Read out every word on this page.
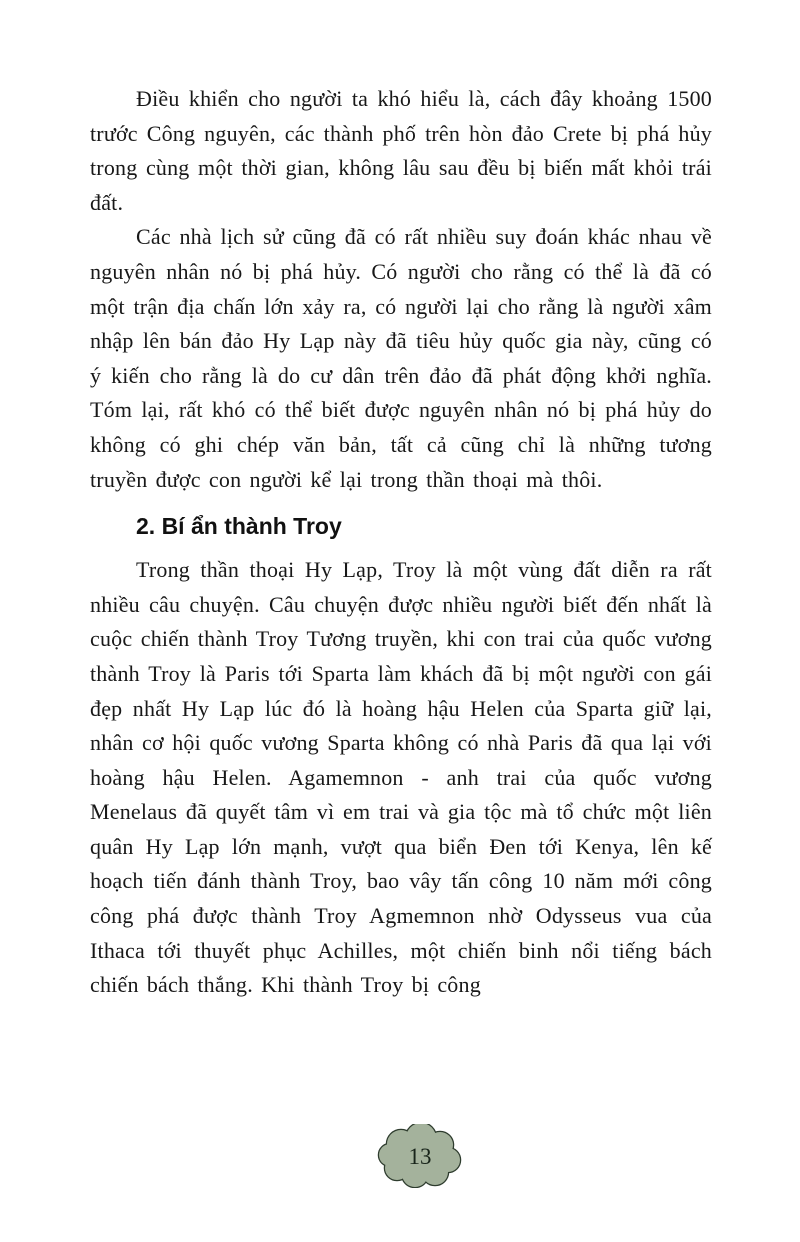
Điều khiển cho người ta khó hiểu là, cách đây khoảng 1500 trước Công nguyên, các thành phố trên hòn đảo Crete bị phá hủy trong cùng một thời gian, không lâu sau đều bị biến mất khỏi trái đất.

Các nhà lịch sử cũng đã có rất nhiều suy đoán khác nhau về nguyên nhân nó bị phá hủy. Có người cho rằng có thể là đã có một trận địa chấn lớn xảy ra, có người lại cho rằng là người xâm nhập lên bán đảo Hy Lạp này đã tiêu hủy quốc gia này, cũng có ý kiến cho rằng là do cư dân trên đảo đã phát động khởi nghĩa. Tóm lại, rất khó có thể biết được nguyên nhân nó bị phá hủy do không có ghi chép văn bản, tất cả cũng chỉ là những tương truyền được con người kể lại trong thần thoại mà thôi.

2. Bí ẩn thành Troy

Trong thần thoại Hy Lạp, Troy là một vùng đất diễn ra rất nhiều câu chuyện. Câu chuyện được nhiều người biết đến nhất là cuộc chiến thành Troy Tương truyền, khi con trai của quốc vương thành Troy là Paris tới Sparta làm khách đã bị một người con gái đẹp nhất Hy Lạp lúc đó là hoàng hậu Helen của Sparta giữ lại, nhân cơ hội quốc vương Sparta không có nhà Paris đã qua lại với hoàng hậu Helen. Agamemnon - anh trai của quốc vương Menelaus đã quyết tâm vì em trai và gia tộc mà tổ chức một liên quân Hy Lạp lớn mạnh, vượt qua biển Đen tới Kenya, lên kế hoạch tiến đánh thành Troy, bao vây tấn công 10 năm mới công công phá được thành Troy Agmemnon nhờ Odysseus vua của Ithaca tới thuyết phục Achilles, một chiến binh nổi tiếng bách chiến bách thắng. Khi thành Troy bị công

13
